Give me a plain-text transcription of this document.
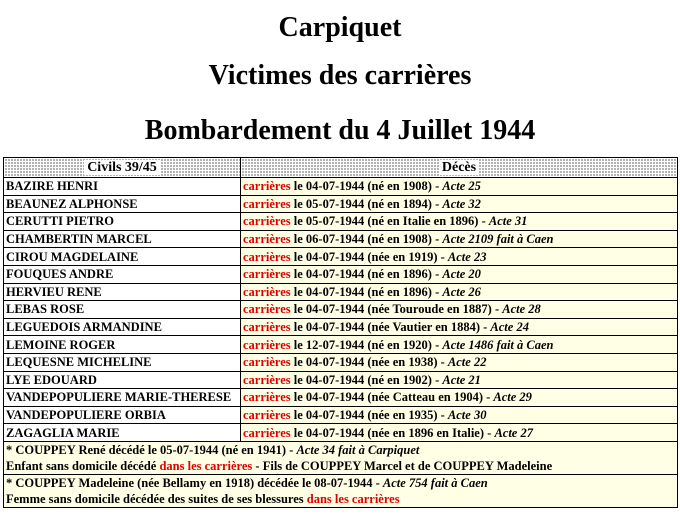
Carpiquet
Victimes des carrières
Bombardement du 4 Juillet 1944
Civils 39/45	Décès
BAZIRE HENRI	carrières le 04-07-1944 (né en 1908) - Acte 25
BEAUNEZ ALPHONSE	carrières le 05-07-1944 (né en 1894) - Acte 32
CERUTTI PIETRO	carrières le 05-07-1944 (né en Italie en 1896) - Acte 31
CHAMBERTIN MARCEL	carrières le 06-07-1944 (né en 1908) - Acte 2109 fait à Caen
CIROU MAGDELAINE	carrières le 04-07-1944 (née en 1919) - Acte 23
FOUQUES ANDRE	carrières le 04-07-1944 (né en 1896) - Acte 20
HERVIEU RENE	carrières le 04-07-1944 (né en 1896) - Acte 26
LEBAS ROSE	carrières le 04-07-1944 (née Touroude en 1887) - Acte 28
LEGUEDOIS ARMANDINE	carrières le 04-07-1944 (née Vautier en 1884) - Acte 24
LEMOINE ROGER	carrières le 12-07-1944 (né en 1920) - Acte 1486 fait à Caen
LEQUESNE MICHELINE	carrières le 04-07-1944 (née en 1938) - Acte 22
LYE EDOUARD	carrières le 04-07-1944 (né en 1902) - Acte 21
VANDEPOPULIERE MARIE-THERESE	carrières le 04-07-1944 (née Catteau en 1904) - Acte 29
VANDEPOPULIERE ORBIA	carrières le 04-07-1944 (née en 1935) - Acte 30
ZAGAGLIA MARIE	carrières le 04-07-1944 (née en 1896 en Italie) - Acte 27
* COUPPEY René décédé le 05-07-1944 (né en 1941) - Acte 34 fait à Carpiquet
Enfant sans domicile décédé dans les carrières - Fils de COUPPEY Marcel et de COUPPEY Madeleine	
* COUPPEY Madeleine (née Bellamy en 1918) décédée le 08-07-1944 - Acte 754 fait à Caen
Femme sans domicile décédée des suites de ses blessures dans les carrières	
